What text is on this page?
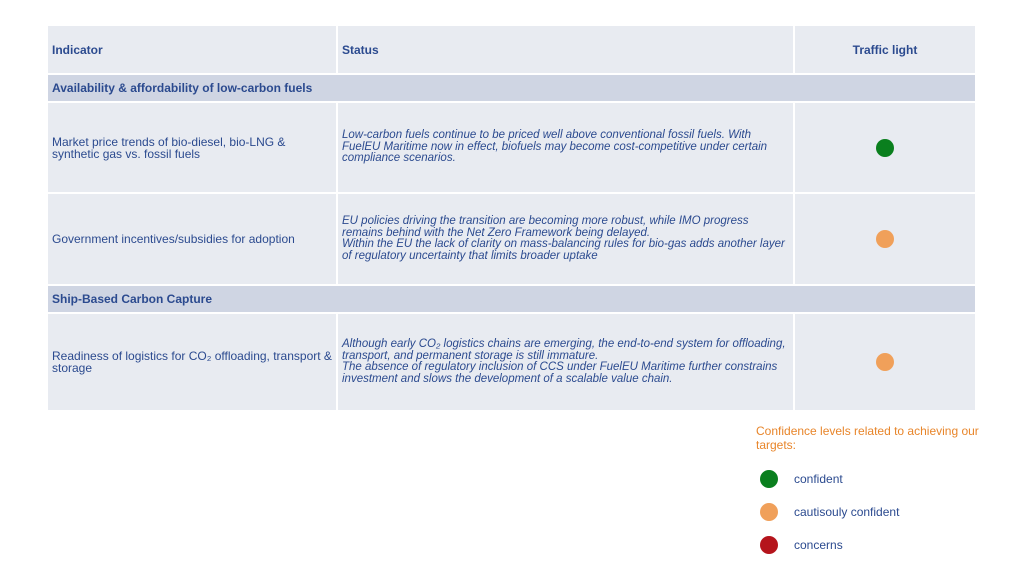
Indicator	Status	Traffic light
Availability & affordability of low-carbon fuels
Market price trends of bio-diesel, bio-LNG & synthetic gas vs. fossil fuels
Low-carbon fuels continue to be priced well above conventional fossil fuels. With FuelEU Maritime now in effect, biofuels may become cost-competitive under certain compliance scenarios.
Government incentives/subsidies for adoption
EU policies driving the transition are becoming more robust, while IMO progress remains behind with the Net Zero Framework being delayed.
Within the EU the lack of clarity on mass-balancing rules for bio-gas adds another layer of regulatory uncertainty that limits broader uptake
Ship-Based Carbon Capture
Readiness of logistics for CO₂ offloading, transport & storage
Although early CO₂ logistics chains are emerging, the end-to-end system for offloading, transport, and permanent storage is still immature.
The absence of regulatory inclusion of CCS under FuelEU Maritime further constrains investment and slows the development of a scalable value chain.
Confidence levels related to achieving our targets:
confident
cautisouly confident
concerns
